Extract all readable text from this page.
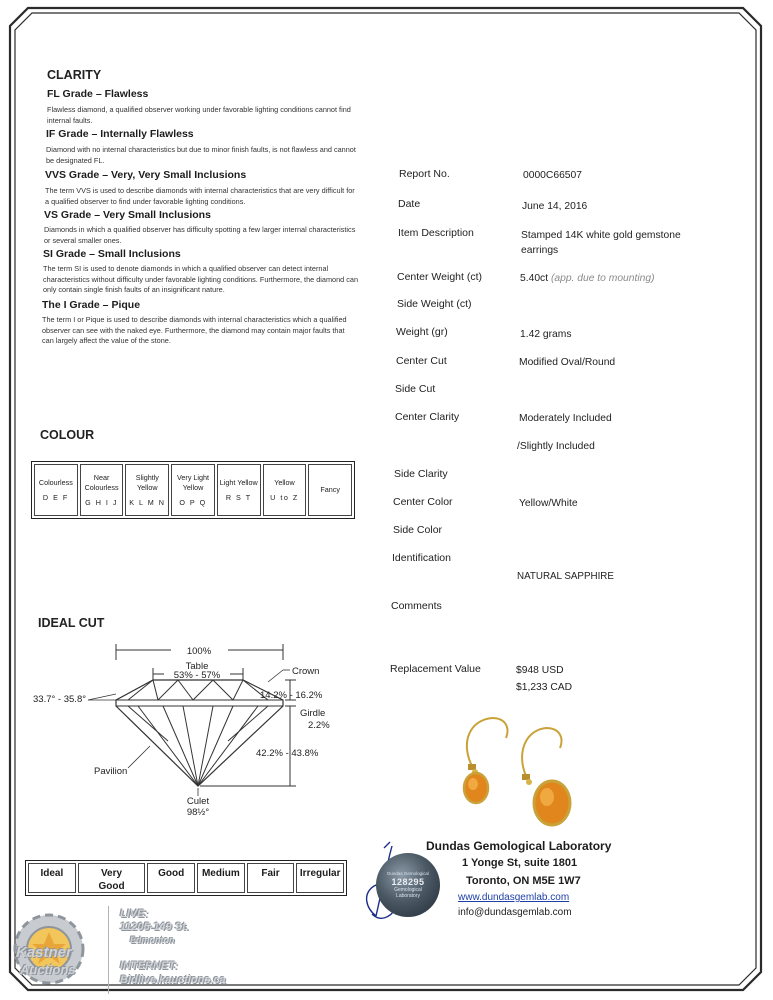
CLARITY
FL Grade – Flawless
Flawless diamond, a qualified observer working under favorable lighting conditions cannot find internal faults.
IF Grade – Internally Flawless
Diamond with no internal characteristics but due to minor finish faults, is not flawless and cannot be designated FL.
VVS Grade – Very, Very Small Inclusions
The term VVS is used to describe diamonds with internal characteristics that are very difficult for a qualified observer to find under favorable lighting conditions.
VS Grade – Very Small Inclusions
Diamonds in which a qualified observer has difficulty spotting a few larger internal characteristics or several smaller ones.
SI Grade – Small Inclusions
The term SI is used to denote diamonds in which a qualified observer can detect internal characteristics without difficulty under favorable lighting conditions. Furthermore, the diamond can only contain single finish faults of an insignificant nature.
The I Grade – Pique
The term I or Pique is used to describe diamonds with internal characteristics which a qualified observer can see with the naked eye. Furthermore, the diamond may contain major faults that can largely affect the value of the stone.
COLOUR
Colourless
D E F
Near Colourless
G H I J
Slightly Yellow
K L M N
Very Light Yellow
O P Q
Light Yellow
R S T
Yellow
U to Z
Fancy
IDEAL CUT
100%
Table
53% - 57%	Crown
33.7° - 35.8°	14.2% - 16.2%
Girdle
2.2%
42.2% - 43.8%
Pavilion
Culet
98½°
Ideal	Very Good
Good	Medium	Fair	Irregular
Report No.	0000C66507
Date	June 14, 2016
Item Description	Stamped 14K white gold gemstone earrings
Center Weight (ct)	5.40ct (app. due to mounting)
Side Weight (ct)
Weight (gr)	1.42 grams
Center Cut	Modified Oval/Round
Side Cut
Center Clarity	Moderately Included
/Slightly Included
Side Clarity
Center Color	Yellow/White
Side Color
Identification
NATURAL SAPPHIRE
Comments
Replacement Value	$948 USD
$1,233 CAD
Dundas Gemological
128295
Gemological
Laboratory
Dundas Gemological Laboratory
1 Yonge St, suite 1801
Toronto, ON M5E 1W7
www.dundasgemlab.com
info@dundasgemlab.com
Kastner
Auctions
LIVE:
11205-149 St.
Edmonton
INTERNET:
Bidlive.kauctions.ca
